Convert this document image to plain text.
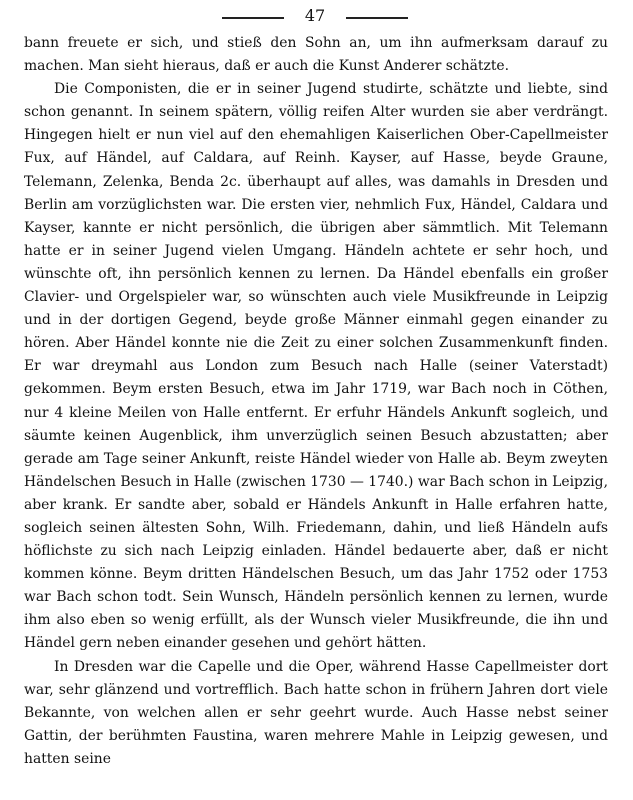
47

bann freuete er sich, und stieß den Sohn an, um ihn aufmerksam darauf zu machen. Man sieht hieraus, daß er auch die Kunst Anderer schätzte.

Die Componisten, die er in seiner Jugend studirte, schätzte und liebte, sind schon genannt. In seinem spätern, völlig reifen Alter wurden sie aber verdrängt. Hingegen hielt er nun viel auf den ehemahligen Kaiserlichen Ober-Capellmeister Fux, auf Händel, auf Caldara, auf Reinh. Kayser, auf Hasse, beyde Graune, Telemann, Zelenka, Benda 2c. überhaupt auf alles, was damahls in Dresden und Berlin am vorzüglichsten war. Die ersten vier, nehmlich Fux, Händel, Caldara und Kayser, kannte er nicht persönlich, die übrigen aber sämmtlich. Mit Telemann hatte er in seiner Jugend vielen Umgang. Händeln achtete er sehr hoch, und wünschte oft, ihn persönlich kennen zu lernen. Da Händel ebenfalls ein großer Clavier- und Orgelspieler war, so wünschten auch viele Musikfreunde in Leipzig und in der dortigen Gegend, beyde große Männer einmahl gegen einander zu hören. Aber Händel konnte nie die Zeit zu einer solchen Zusammenkunft finden. Er war dreymahl aus London zum Besuch nach Halle (seiner Vaterstadt) gekommen. Beym ersten Besuch, etwa im Jahr 1719, war Bach noch in Cöthen, nur 4 kleine Meilen von Halle entfernt. Er erfuhr Händels Ankunft sogleich, und säumte keinen Augenblick, ihm unverzüglich seinen Besuch abzustatten; aber gerade am Tage seiner Ankunft, reiste Händel wieder von Halle ab. Beym zweyten Händelschen Besuch in Halle (zwischen 1730 — 1740.) war Bach schon in Leipzig, aber krank. Er sandte aber, sobald er Händels Ankunft in Halle erfahren hatte, sogleich seinen ältesten Sohn, Wilh. Friedemann, dahin, und ließ Händeln aufs höflichste zu sich nach Leipzig einladen. Händel bedauerte aber, daß er nicht kommen könne. Beym dritten Händelschen Besuch, um das Jahr 1752 oder 1753 war Bach schon todt. Sein Wunsch, Händeln persönlich kennen zu lernen, wurde ihm also eben so wenig erfüllt, als der Wunsch vieler Musikfreunde, die ihn und Händel gern neben einander gesehen und gehört hätten.

In Dresden war die Capelle und die Oper, während Hasse Capellmeister dort war, sehr glänzend und vortrefflich. Bach hatte schon in frühern Jahren dort viele Bekannte, von welchen allen er sehr geehrt wurde. Auch Hasse nebst seiner Gattin, der berühmten Faustina, waren mehrere Mahle in Leipzig gewesen, und hatten seine
